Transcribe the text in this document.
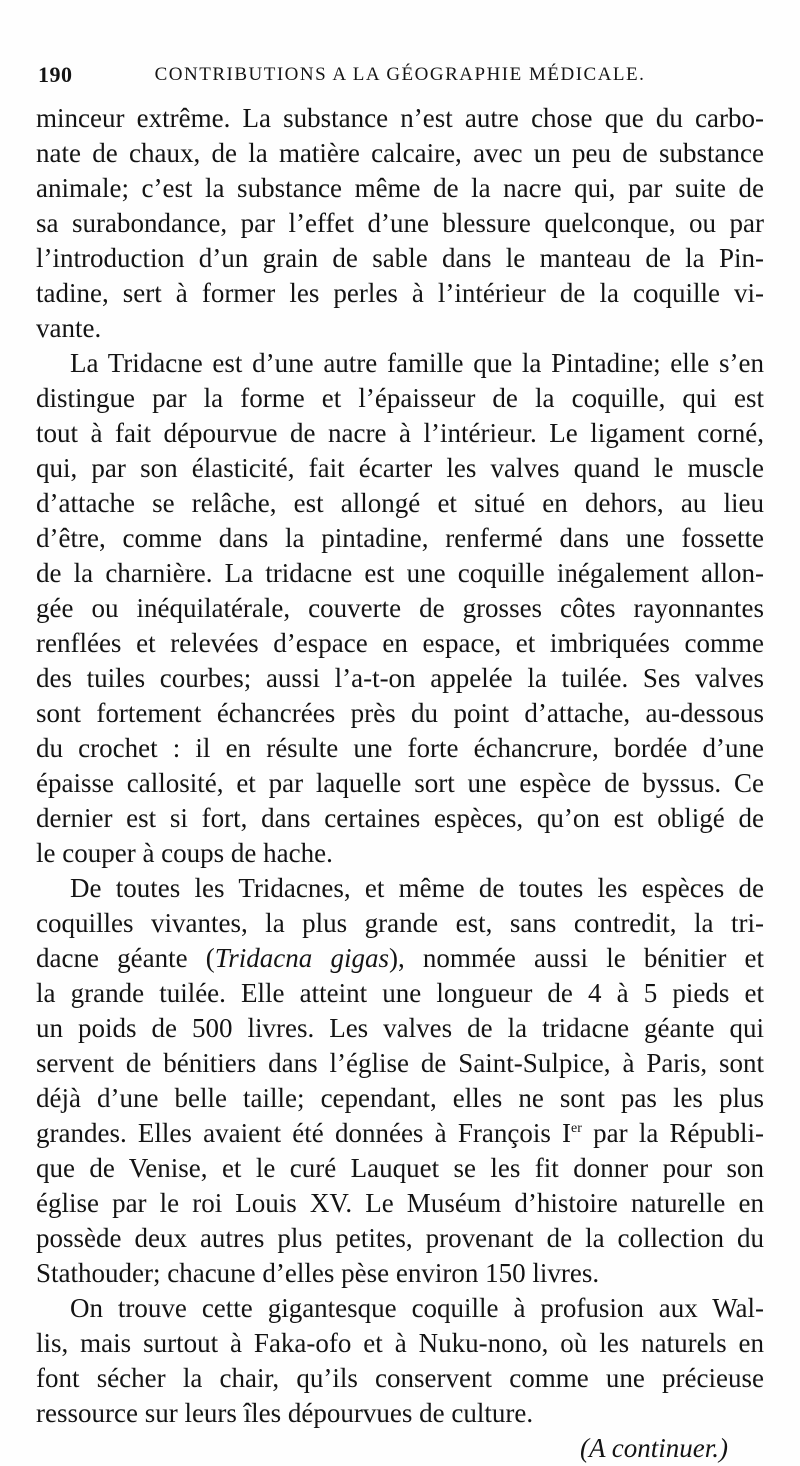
190	CONTRIBUTIONS A LA GÉOGRAPHIE MÉDICALE.
minceur extrême. La substance n’est autre chose que du carbo-
nate de chaux, de la matière calcaire, avec un peu de substance
animale; c’est la substance même de la nacre qui, par suite de
sa surabondance, par l’effet d’une blessure quelconque, ou par
l’introduction d’un grain de sable dans le manteau de la Pin-
tadine, sert à former les perles à l’intérieur de la coquille vi-
vante.
La Tridacne est d’une autre famille que la Pintadine; elle s’en
distingue par la forme et l’épaisseur de la coquille, qui est
tout à fait dépourvue de nacre à l’intérieur. Le ligament corné,
qui, par son élasticité, fait écarter les valves quand le muscle
d’attache se relâche, est allongé et situé en dehors, au lieu
d’être, comme dans la pintadine, renfermé dans une fossette
de la charnière. La tridacne est une coquille inégalement allon-
gée ou inéquilatérale, couverte de grosses côtes rayonnantes
renflées et relevées d’espace en espace, et imbriquées comme
des tuiles courbes; aussi l’a-t-on appelée la tuilée. Ses valves
sont fortement échancrées près du point d’attache, au-dessous
du crochet : il en résulte une forte échancrure, bordée d’une
épaisse callosité, et par laquelle sort une espèce de byssus. Ce
dernier est si fort, dans certaines espèces, qu’on est obligé de
le couper à coups de hache.
De toutes les Tridacnes, et même de toutes les espèces de
coquilles vivantes, la plus grande est, sans contredit, la tri-
dacne géante (Tridacna gigas), nommée aussi le bénitier et
la grande tuilée. Elle atteint une longueur de 4 à 5 pieds et
un poids de 500 livres. Les valves de la tridacne géante qui
servent de bénitiers dans l’église de Saint-Sulpice, à Paris, sont
déjà d’une belle taille; cependant, elles ne sont pas les plus
grandes. Elles avaient été données à François Ier par la Républi-
que de Venise, et le curé Lauquet se les fit donner pour son
église par le roi Louis XV. Le Muséum d’histoire naturelle en
possède deux autres plus petites, provenant de la collection du
Stathouder; chacune d’elles pèse environ 150 livres.
On trouve cette gigantesque coquille à profusion aux Wal-
lis, mais surtout à Faka-ofo et à Nuku-nono, où les naturels en
font sécher la chair, qu’ils conservent comme une précieuse
ressource sur leurs îles dépourvues de culture.
(A continuer.)
